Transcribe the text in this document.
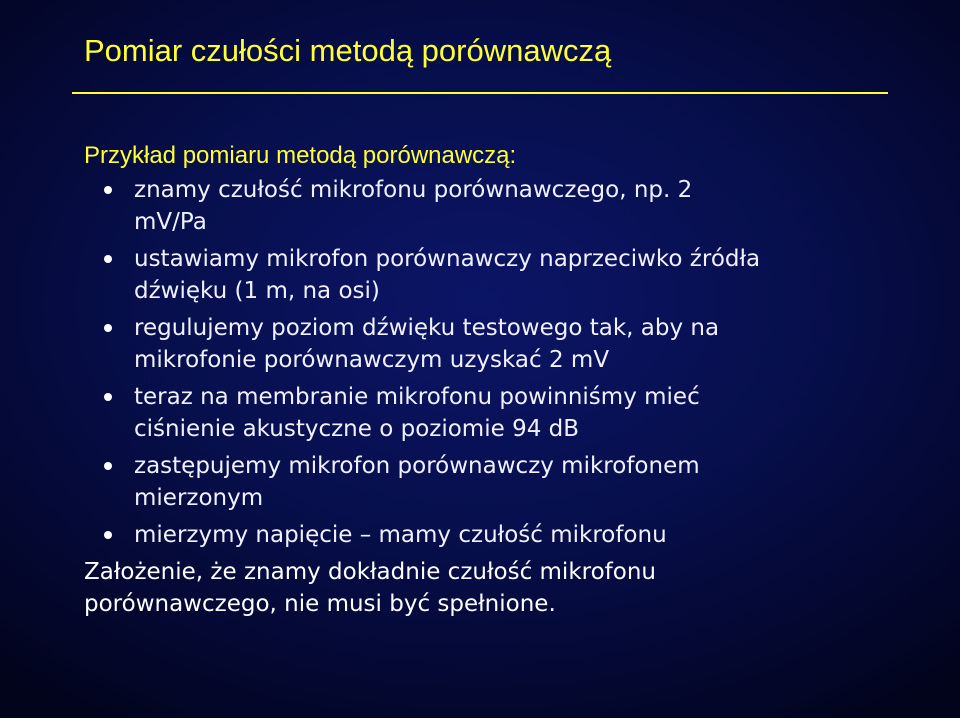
Pomiar czułości metodą porównawczą

Przykład pomiaru metodą porównawczą:

znamy czułość mikrofonu porównawczego, np. 2 mV/Pa
ustawiamy mikrofon porównawczy naprzeciwko źródła dźwięku (1 m, na osi)
regulujemy poziom dźwięku testowego tak, aby na mikrofonie porównawczym uzyskać 2 mV
teraz na membranie mikrofonu powinniśmy mieć ciśnienie akustyczne o poziomie 94 dB
zastępujemy mikrofon porównawczy mikrofonem mierzonym
mierzymy napięcie – mamy czułość mikrofonu

Założenie, że znamy dokładnie czułość mikrofonu porównawczego, nie musi być spełnione.
